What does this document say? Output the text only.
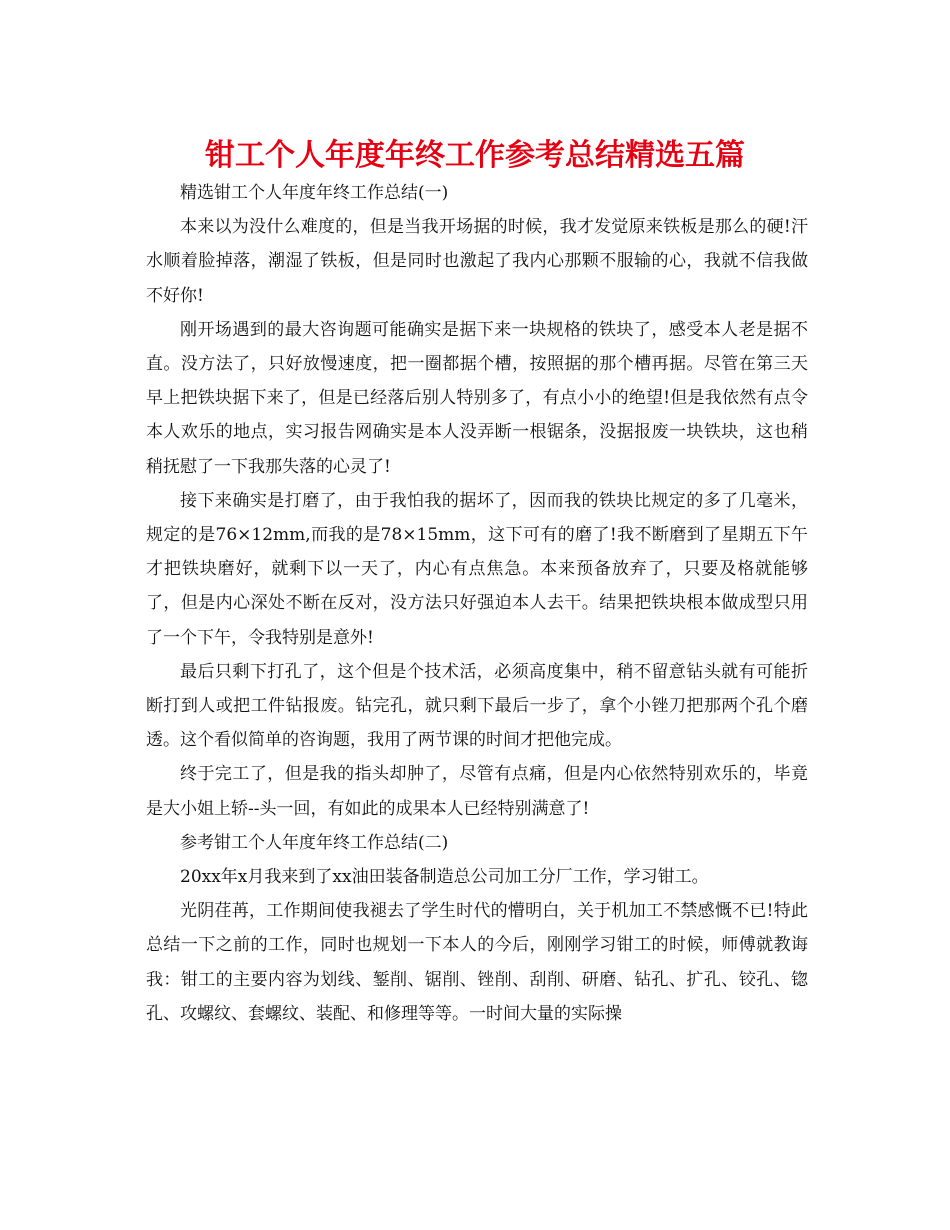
钳工个人年度年终工作参考总结精选五篇

精选钳工个人年度年终工作总结(一)

本来以为没什么难度的，但是当我开场据的时候，我才发觉原来铁板是那么的硬!汗水顺着脸掉落，潮湿了铁板，但是同时也激起了我内心那颗不服输的心，我就不信我做不好你!

刚开场遇到的最大咨询题可能确实是据下来一块规格的铁块了，感受本人老是据不直。没方法了，只好放慢速度，把一圈都据个槽，按照据的那个槽再据。尽管在第三天早上把铁块据下来了，但是已经落后别人特别多了，有点小小的绝望!但是我依然有点令本人欢乐的地点，实习报告网确实是本人没弄断一根锯条，没据报废一块铁块，这也稍稍抚慰了一下我那失落的心灵了!

接下来确实是打磨了，由于我怕我的据坏了，因而我的铁块比规定的多了几毫米，规定的是76×12mm,而我的是78×15mm，这下可有的磨了!我不断磨到了星期五下午才把铁块磨好，就剩下以一天了，内心有点焦急。本来预备放弃了，只要及格就能够了，但是内心深处不断在反对，没方法只好强迫本人去干。结果把铁块根本做成型只用了一个下午，令我特别是意外!

最后只剩下打孔了，这个但是个技术活，必须高度集中，稍不留意钻头就有可能折断打到人或把工件钻报废。钻完孔，就只剩下最后一步了，拿个小锉刀把那两个孔个磨透。这个看似简单的咨询题，我用了两节课的时间才把他完成。

终于完工了，但是我的指头却肿了，尽管有点痛，但是内心依然特别欢乐的，毕竟是大小姐上轿--头一回，有如此的成果本人已经特别满意了!

参考钳工个人年度年终工作总结(二)

20xx年x月我来到了xx油田装备制造总公司加工分厂工作，学习钳工。

光阴荏苒，工作期间使我褪去了学生时代的懵明白，关于机加工不禁感慨不已!特此总结一下之前的工作，同时也规划一下本人的今后，刚刚学习钳工的时候，师傅就教诲我：钳工的主要内容为划线、錾削、锯削、锉削、刮削、研磨、钻孔、扩孔、铰孔、锪孔、攻螺纹、套螺纹、装配、和修理等等。一时间大量的实际操
